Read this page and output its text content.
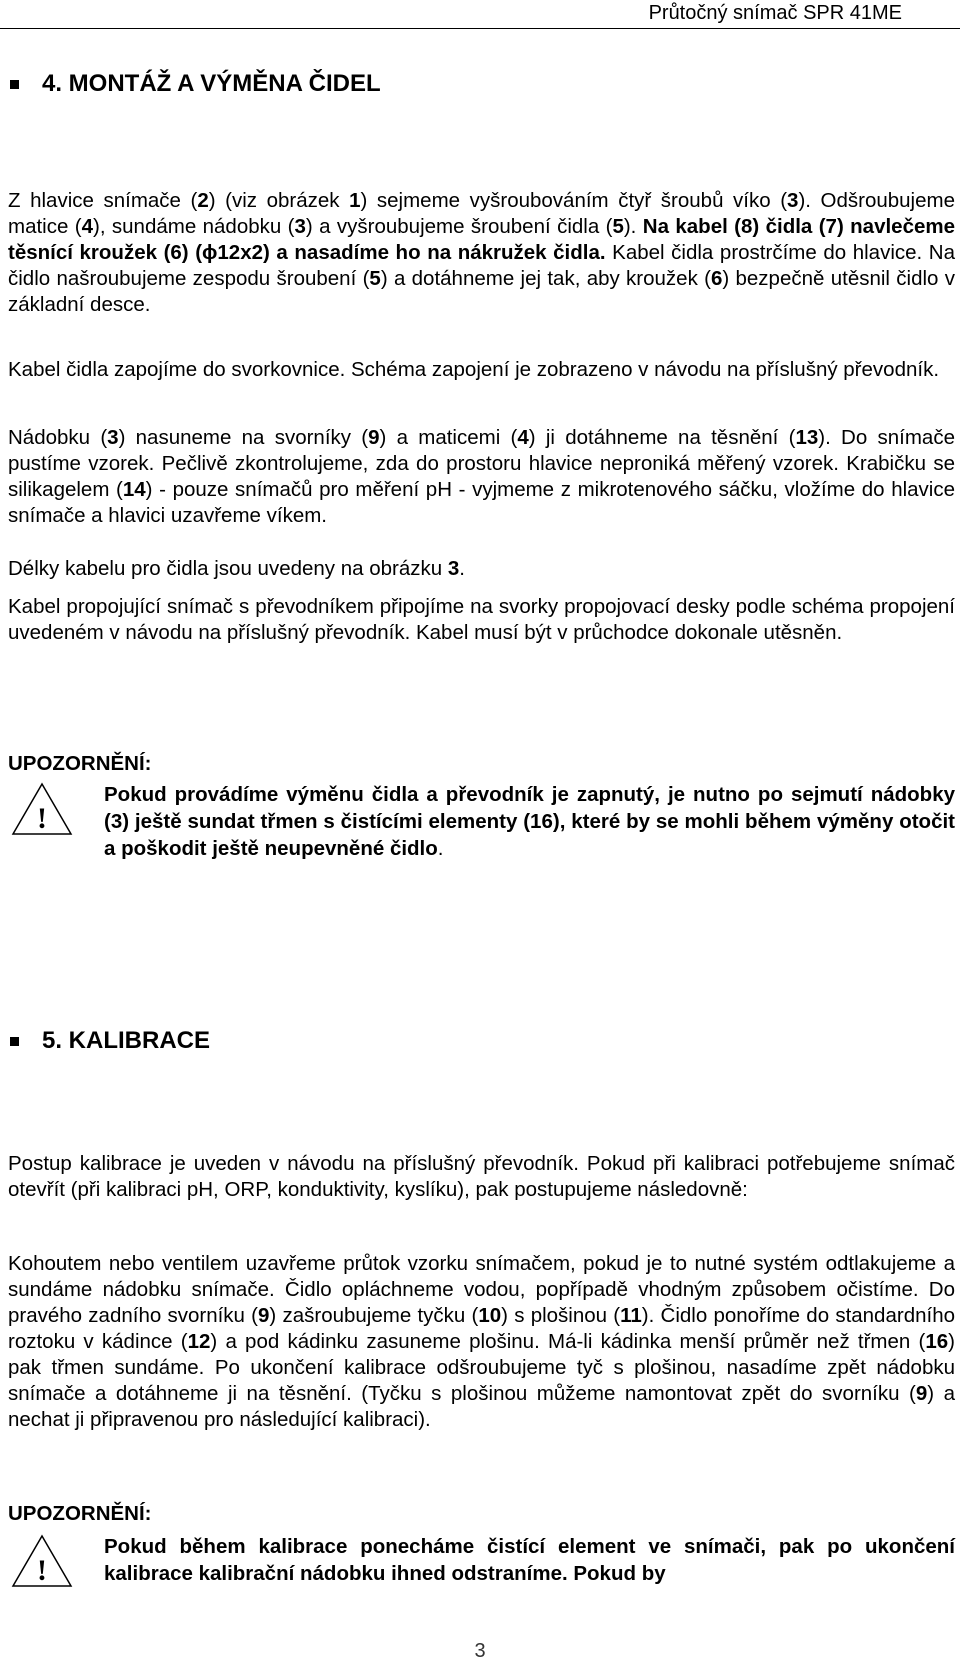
Průtočný snímač SPR 41ME
4. MONTÁŽ A VÝMĚNA ČIDEL

Z hlavice snímače (2) (viz obrázek 1) sejmeme vyšroubováním čtyř šroubů víko (3). Odšroubujeme matice (4), sundáme nádobku (3) a vyšroubujeme šroubení čidla (5). Na kabel (8) čidla (7) navlečeme těsnící kroužek (6) (ϕ12x2) a nasadíme ho na nákružek čidla. Kabel čidla prostrčíme do hlavice. Na čidlo našroubujeme zespodu šroubení (5) a dotáhneme jej tak, aby kroužek (6) bezpečně utěsnil čidlo v základní desce.

Kabel čidla zapojíme do svorkovnice. Schéma zapojení je zobrazeno v návodu na příslušný převodník.

Nádobku (3) nasuneme na svorníky (9) a maticemi (4) ji dotáhneme na těsnění (13). Do snímače pustíme vzorek. Pečlivě zkontrolujeme, zda do prostoru hlavice neproniká měřený vzorek. Krabičku se silikagelem (14) - pouze snímačů pro měření pH - vyjmeme z mikrotenového sáčku, vložíme do hlavice snímače a hlavici uzavřeme víkem.

Délky kabelu pro čidla jsou uvedeny na obrázku 3.

Kabel propojující snímač s převodníkem připojíme na svorky propojovací desky podle schéma propojení uvedeném v návodu na příslušný převodník. Kabel musí být v průchodce dokonale utěsněn.

UPOZORNĚNÍ:
!

Pokud provádíme výměnu čidla a převodník je zapnutý, je nutno po sejmutí nádobky (3) ještě sundat třmen s čistícími elementy (16), které by se mohli během výměny otočit a poškodit ještě neupevněné čidlo.

5. KALIBRACE

Postup kalibrace je uveden v návodu na příslušný převodník. Pokud při kalibraci potřebujeme snímač otevřít (při kalibraci pH, ORP, konduktivity, kyslíku), pak postupujeme následovně:

Kohoutem nebo ventilem uzavřeme průtok vzorku snímačem, pokud je to nutné systém odtlakujeme a sundáme nádobku snímače. Čidlo opláchneme vodou, popřípadě vhodným způsobem očistíme. Do pravého zadního svorníku (9) zašroubujeme tyčku (10) s plošinou (11). Čidlo ponoříme do standardního roztoku v kádince (12) a pod kádinku zasuneme plošinu. Má-li kádinka menší průměr než třmen (16) pak třmen sundáme. Po ukončení kalibrace odšroubujeme tyč s plošinou, nasadíme zpět nádobku snímače a dotáhneme ji na těsnění. (Tyčku s plošinou můžeme namontovat zpět do svorníku (9) a nechat ji připravenou pro následující kalibraci).

UPOZORNĚNÍ:
!

Pokud během kalibrace ponecháme čistící element ve snímači, pak po ukončení kalibrace kalibrační nádobku ihned odstraníme. Pokud by

3
